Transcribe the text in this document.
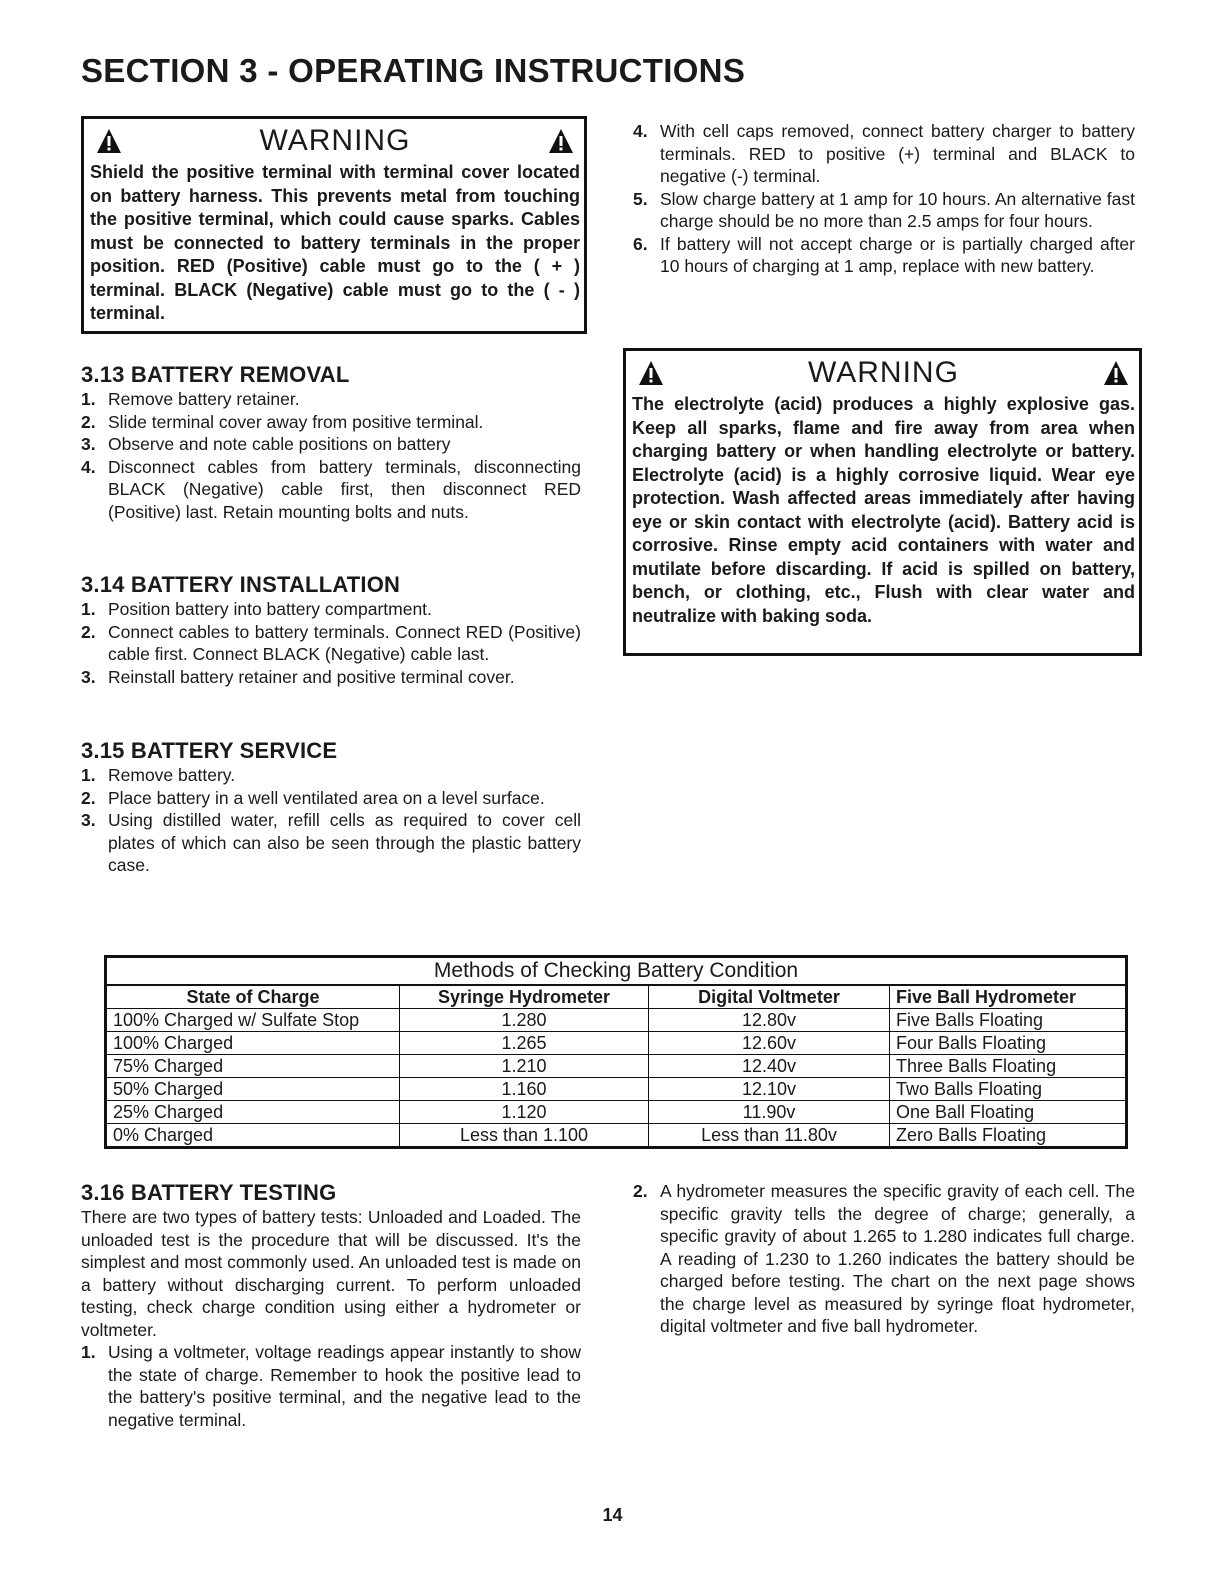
SECTION 3 - OPERATING INSTRUCTIONS
WARNING
Shield the positive terminal with terminal cover located on battery harness. This prevents metal from touching the positive terminal, which could cause sparks. Cables must be connected to battery terminals in the proper position. RED (Positive) cable must go to the ( + ) terminal. BLACK (Negative) cable must go to the ( - ) terminal.
3.13 BATTERY REMOVAL
1. Remove battery retainer.
2. Slide terminal cover away from positive terminal.
3. Observe and note cable positions on battery
4. Disconnect cables from battery terminals, disconnecting BLACK (Negative) cable first, then disconnect RED (Positive) last. Retain mounting bolts and nuts.
3.14 BATTERY INSTALLATION
1. Position battery into battery compartment.
2. Connect cables to battery terminals. Connect RED (Positive) cable first. Connect BLACK (Negative) cable last.
3. Reinstall battery retainer and positive terminal cover.
3.15 BATTERY SERVICE
1. Remove battery.
2. Place battery in a well ventilated area on a level surface.
3. Using distilled water, refill cells as required to cover cell plates of which can also be seen through the plastic battery case.
4. With cell caps removed, connect battery charger to battery terminals. RED to positive (+) terminal and BLACK to negative (-) terminal.
5. Slow charge battery at 1 amp for 10 hours. An alternative fast charge should be no more than 2.5 amps for four hours.
6. If battery will not accept charge or is partially charged after 10 hours of charging at 1 amp, replace with new battery.
WARNING
The electrolyte (acid) produces a highly explosive gas. Keep all sparks, flame and fire away from area when charging battery or when handling electrolyte or battery. Electrolyte (acid) is a highly corrosive liquid. Wear eye protection. Wash affected areas immediately after having eye or skin contact with electrolyte (acid). Battery acid is corrosive. Rinse empty acid containers with water and mutilate before discarding. If acid is spilled on battery, bench, or clothing, etc., Flush with clear water and neutralize with baking soda.
Methods of Checking Battery Condition			
State of Charge	Syringe Hydrometer	Digital Voltmeter	Five Ball Hydrometer
100% Charged w/ Sulfate Stop	1.280	12.80v	Five Balls Floating
100% Charged	1.265	12.60v	Four Balls Floating
75% Charged	1.210	12.40v	Three Balls Floating
50% Charged	1.160	12.10v	Two Balls Floating
25% Charged	1.120	11.90v	One Ball Floating
0% Charged	Less than 1.100	Less than 11.80v	Zero Balls Floating
3.16 BATTERY TESTING

There are two types of battery tests: Unloaded and Loaded. The unloaded test is the procedure that will be discussed. It's the simplest and most commonly used. An unloaded test is made on a battery without discharging current. To perform unloaded testing, check charge condition using either a hydrometer or voltmeter.

1. Using a voltmeter, voltage readings appear instantly to show the state of charge. Remember to hook the positive lead to the battery's positive terminal, and the negative lead to the negative terminal.
2. A hydrometer measures the specific gravity of each cell. The specific gravity tells the degree of charge; generally, a specific gravity of about 1.265 to 1.280 indicates full charge. A reading of 1.230 to 1.260 indicates the battery should be charged before testing. The chart on the next page shows the charge level as measured by syringe float hydrometer, digital voltmeter and five ball hydrometer.
14
